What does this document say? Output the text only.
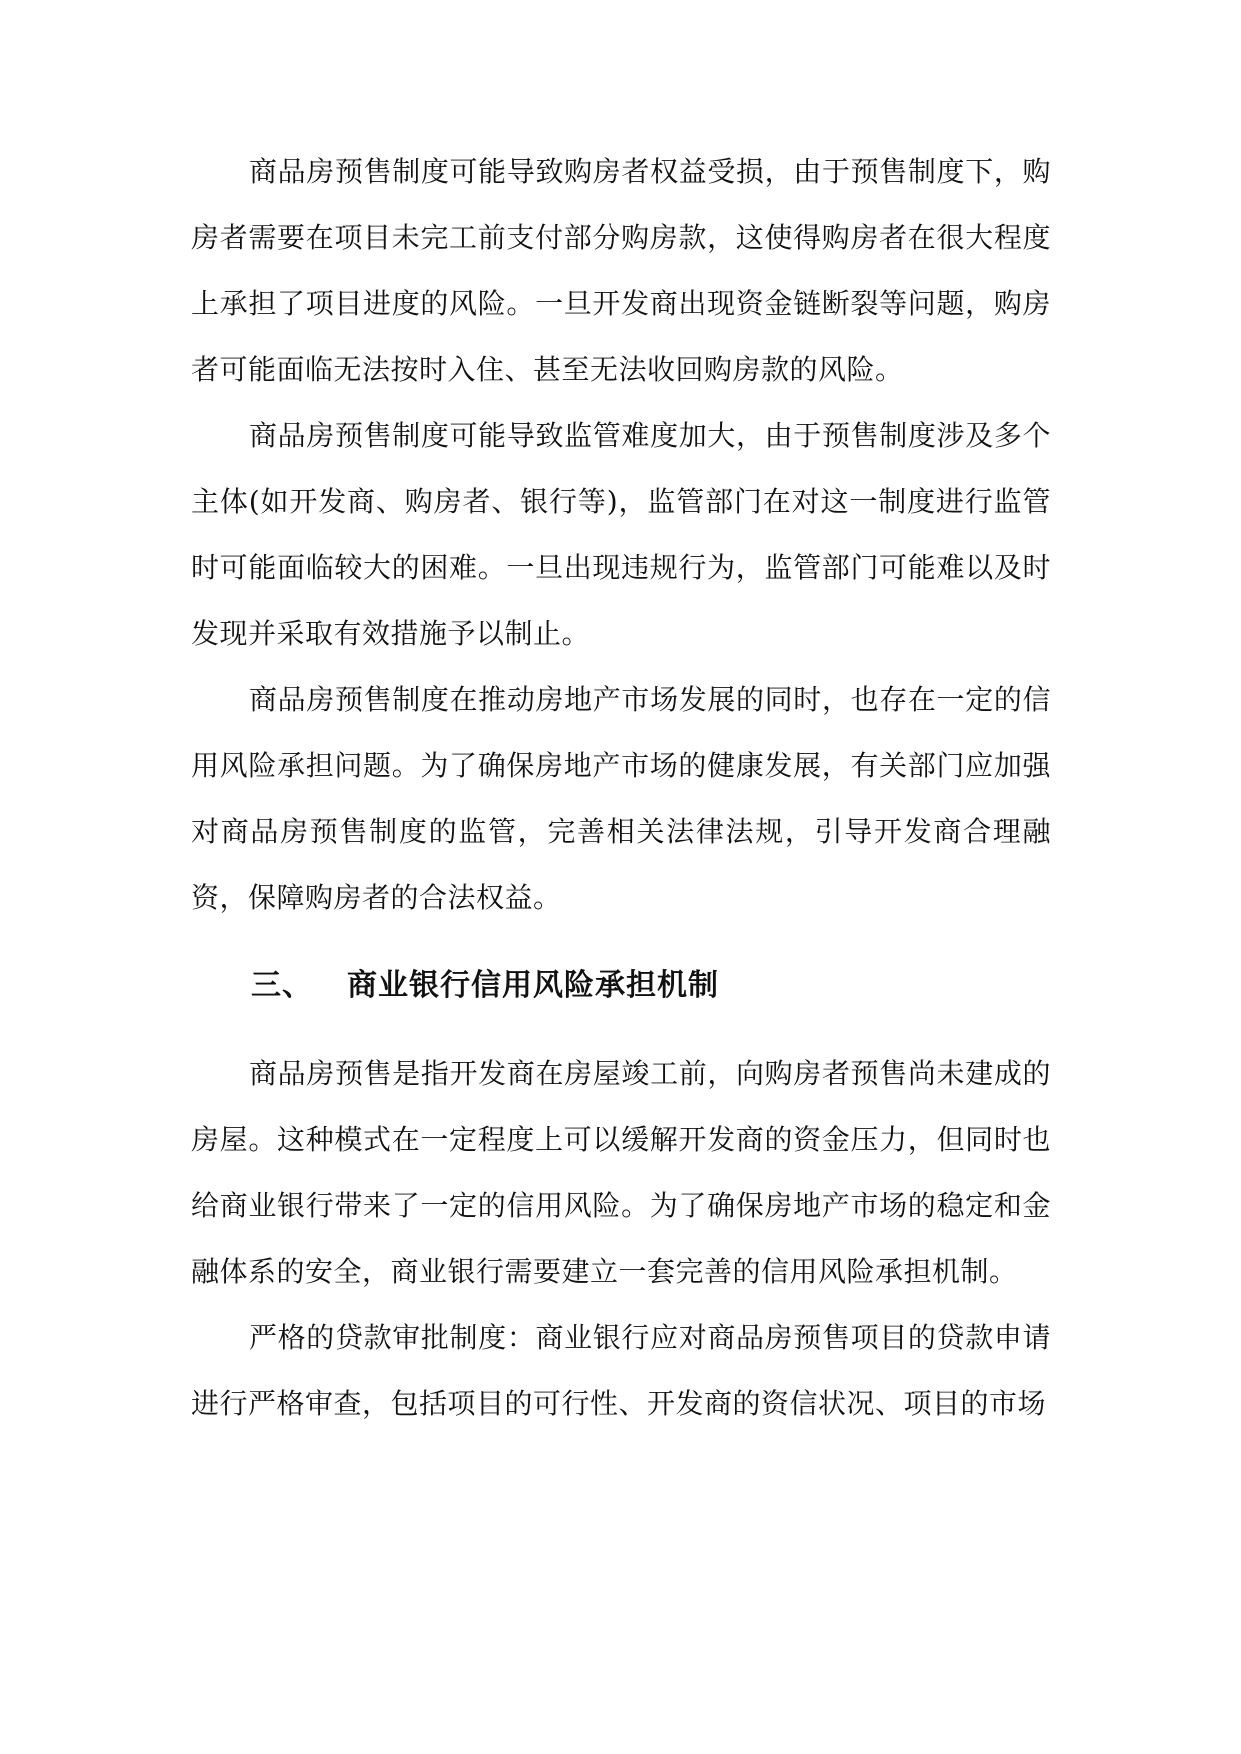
商品房预售制度可能导致购房者权益受损，由于预售制度下，购房者需要在项目未完工前支付部分购房款，这使得购房者在很大程度上承担了项目进度的风险。一旦开发商出现资金链断裂等问题，购房者可能面临无法按时入住、甚至无法收回购房款的风险。

商品房预售制度可能导致监管难度加大，由于预售制度涉及多个主体(如开发商、购房者、银行等)，监管部门在对这一制度进行监管时可能面临较大的困难。一旦出现违规行为，监管部门可能难以及时发现并采取有效措施予以制止。

商品房预售制度在推动房地产市场发展的同时，也存在一定的信用风险承担问题。为了确保房地产市场的健康发展，有关部门应加强对商品房预售制度的监管，完善相关法律法规，引导开发商合理融资，保障购房者的合法权益。

三、 商业银行信用风险承担机制

商品房预售是指开发商在房屋竣工前，向购房者预售尚未建成的房屋。这种模式在一定程度上可以缓解开发商的资金压力，但同时也给商业银行带来了一定的信用风险。为了确保房地产市场的稳定和金融体系的安全，商业银行需要建立一套完善的信用风险承担机制。

严格的贷款审批制度：商业银行应对商品房预售项目的贷款申请进行严格审查，包括项目的可行性、开发商的资信状况、项目的市场
